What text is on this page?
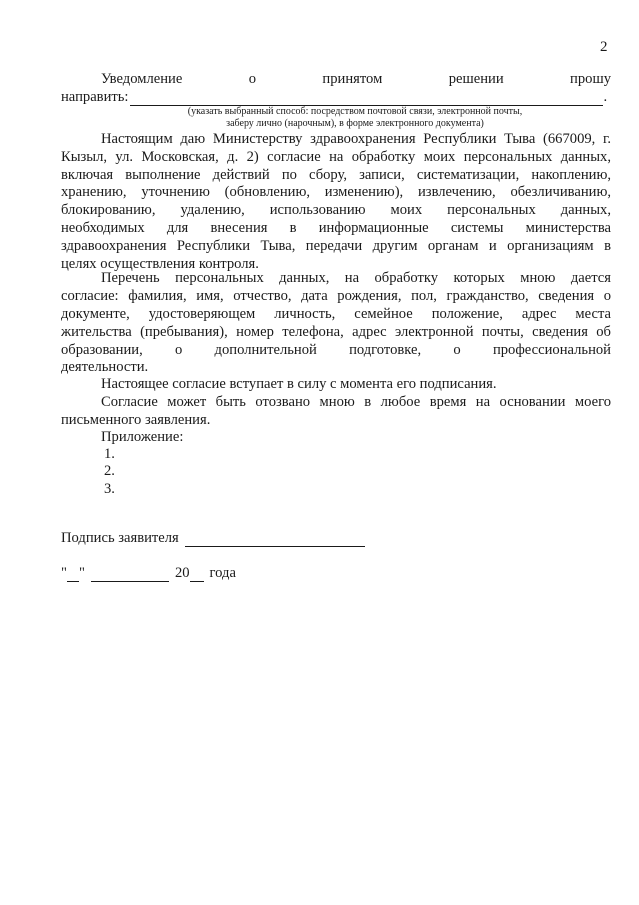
2
Уведомление	о	принятом	решении	прошу
направить:	.
(указать выбранный способ: посредством почтовой связи, электронной почты,
заберу лично (нарочным), в форме электронного документа)
Настоящим даю Министерству здравоохранения Республики Тыва (667009, г.
Кызыл, ул. Московская, д. 2) согласие на обработку моих персональных данных,
включая выполнение действий по сбору, записи, систематизации, накоплению,
хранению, уточнению (обновлению, изменению), извлечению, обезличиванию,
блокированию, удалению, использованию моих персональных данных,
необходимых для внесения в информационные системы министерства
здравоохранения Республики Тыва, передачи другим органам и организациям в
целях осуществления контроля.
Перечень персональных данных, на обработку которых мною дается
согласие: фамилия, имя, отчество, дата рождения, пол, гражданство, сведения о
документе, удостоверяющем личность, семейное положение, адрес места
жительства (пребывания), номер телефона, адрес электронной почты, сведения об
образовании, о дополнительной подготовке, о профессиональной
деятельности.
Настоящее согласие вступает в силу с момента его подписания.
Согласие может быть отозвано мною в любое время на основании моего
письменного заявления.
Приложение:
1.
2.
3.
Подпись заявителя
" "	20 года
